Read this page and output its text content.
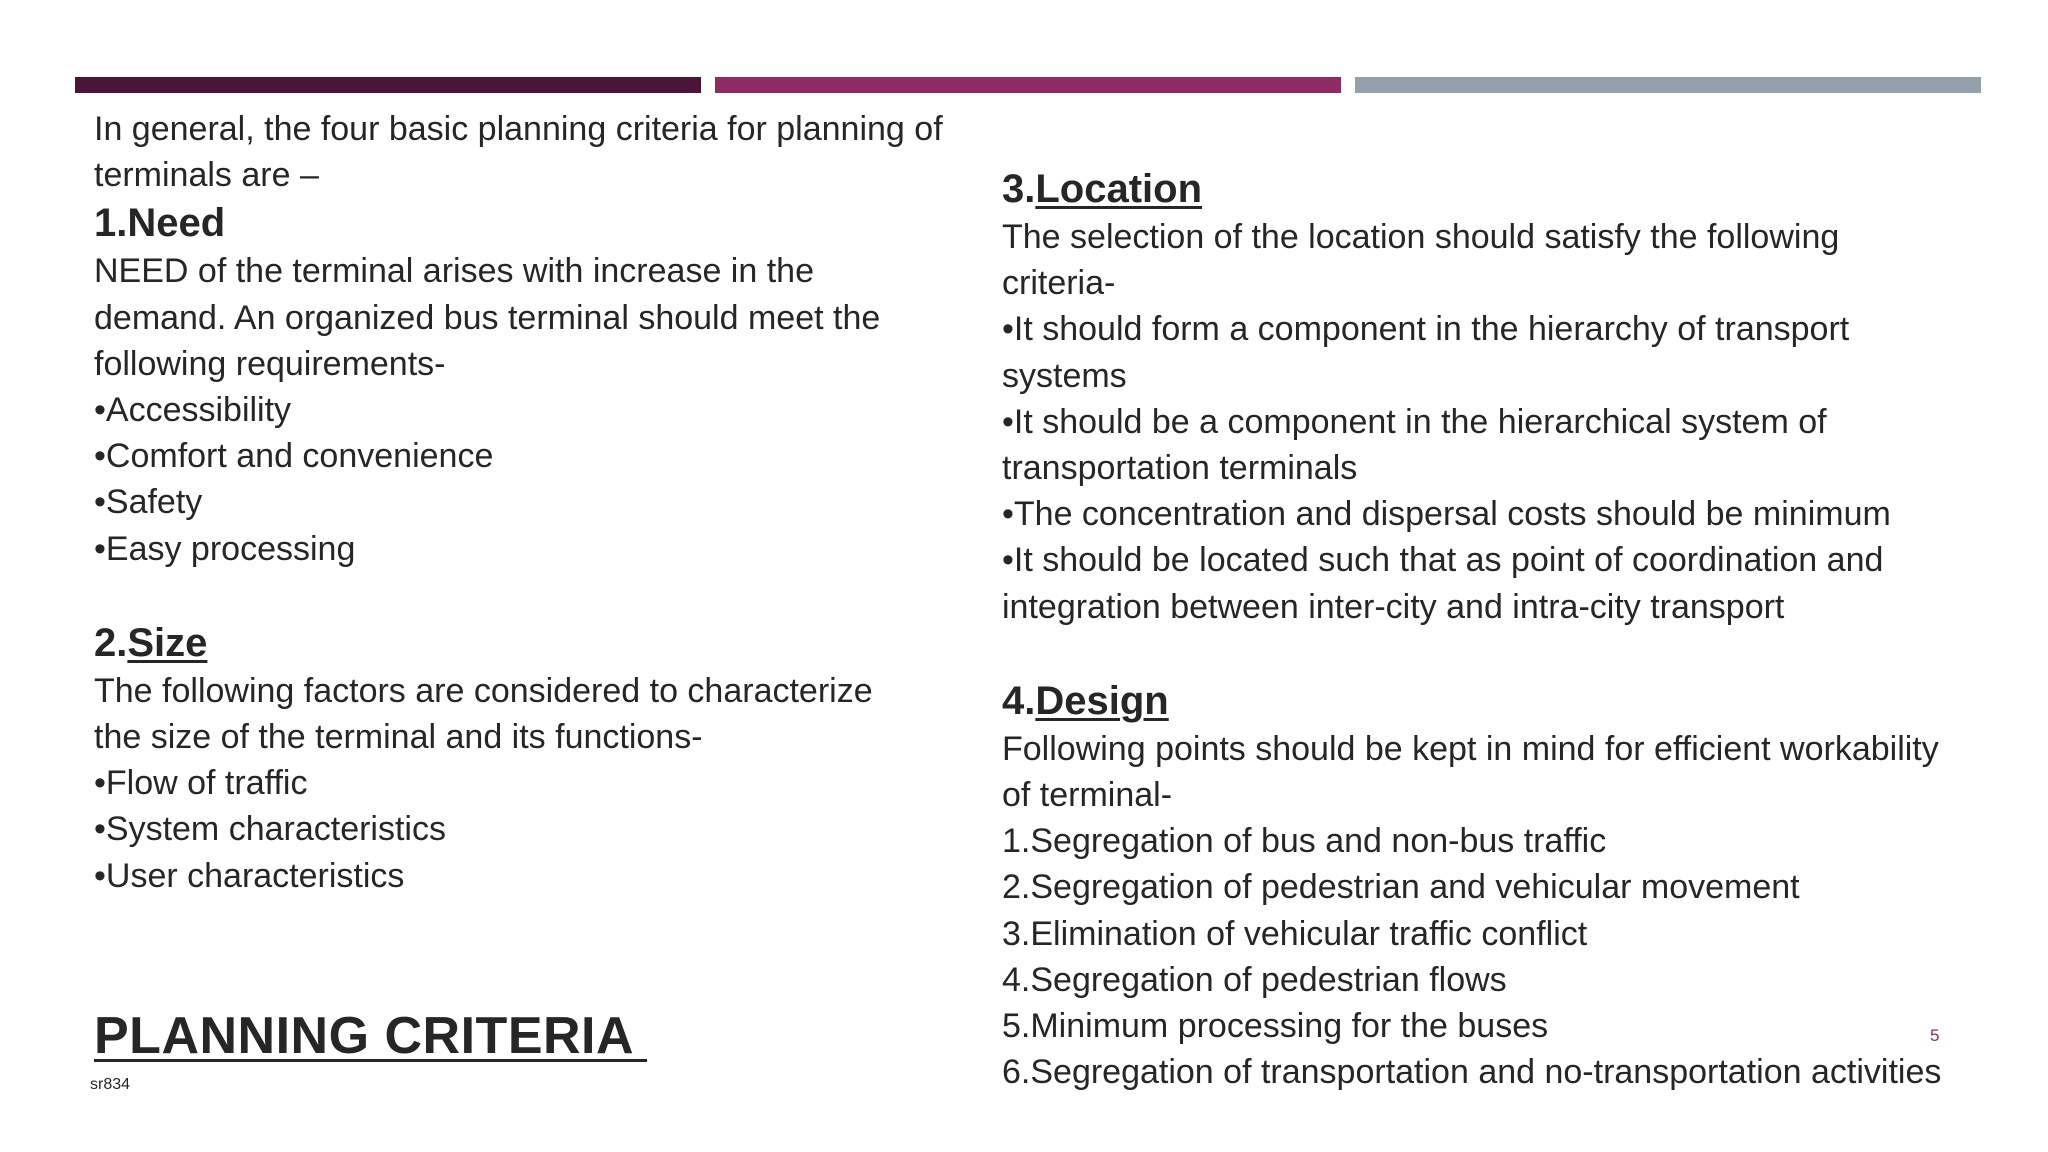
In general, the four basic planning criteria for planning of

terminals are –

1.Need

NEED of the terminal arises with increase in the

demand. An organized bus terminal should meet the

following requirements-

•Accessibility

•Comfort and convenience

•Safety

•Easy processing

2.Size

The following factors are considered to characterize

the size of the terminal and its functions-

•Flow of traffic

•System characteristics

•User characteristics

3.Location

The selection of the location should satisfy the following

criteria-

•It should form a component in the hierarchy of transport

systems

•It should be a component in the hierarchical system of

transportation terminals

•The concentration and dispersal costs should be minimum

•It should be located such that as point of coordination and

integration between inter-city and intra-city transport

4.Design

Following points should be kept in mind for efficient workability

of terminal-

1.Segregation of bus and non-bus traffic

2.Segregation of pedestrian and vehicular movement

3.Elimination of vehicular traffic conflict

4.Segregation of pedestrian flows

5.Minimum processing for the buses

6.Segregation of transportation and no-transportation activities

PLANNING CRITERIA
sr834
5
